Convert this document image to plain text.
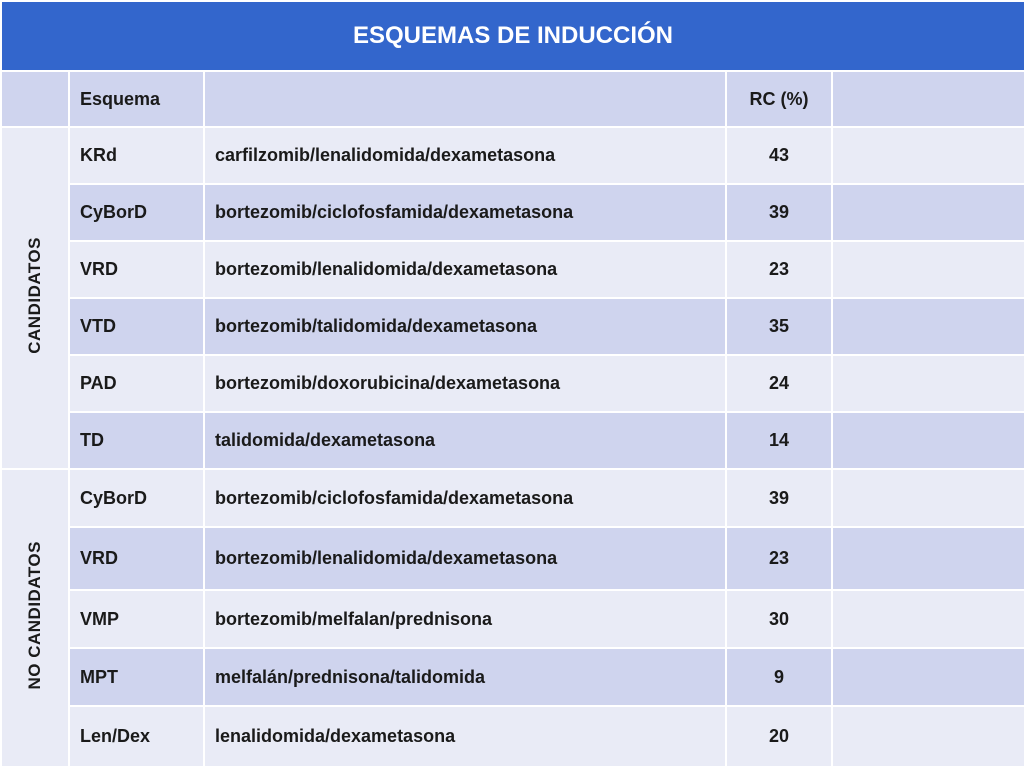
ESQUEMAS DE INDUCCIÓN				
	Esquema		RC (%)	
CANDIDATOS	KRd	carfilzomib/lenalidomida/dexametasona	43	
	CyBorD	bortezomib/ciclofosfamida/dexametasona	39	
	VRD	bortezomib/lenalidomida/dexametasona	23	
	VTD	bortezomib/talidomida/dexametasona	35	
	PAD	bortezomib/doxorubicina/dexametasona	24	
	TD	talidomida/dexametasona	14	
NO CANDIDATOS	CyBorD	bortezomib/ciclofosfamida/dexametasona	39	
	VRD	bortezomib/lenalidomida/dexametasona	23	
	VMP	bortezomib/melfalan/prednisona	30	
	MPT	melfalán/prednisona/talidomida	9	
	Len/Dex	lenalidomida/dexametasona	20	
